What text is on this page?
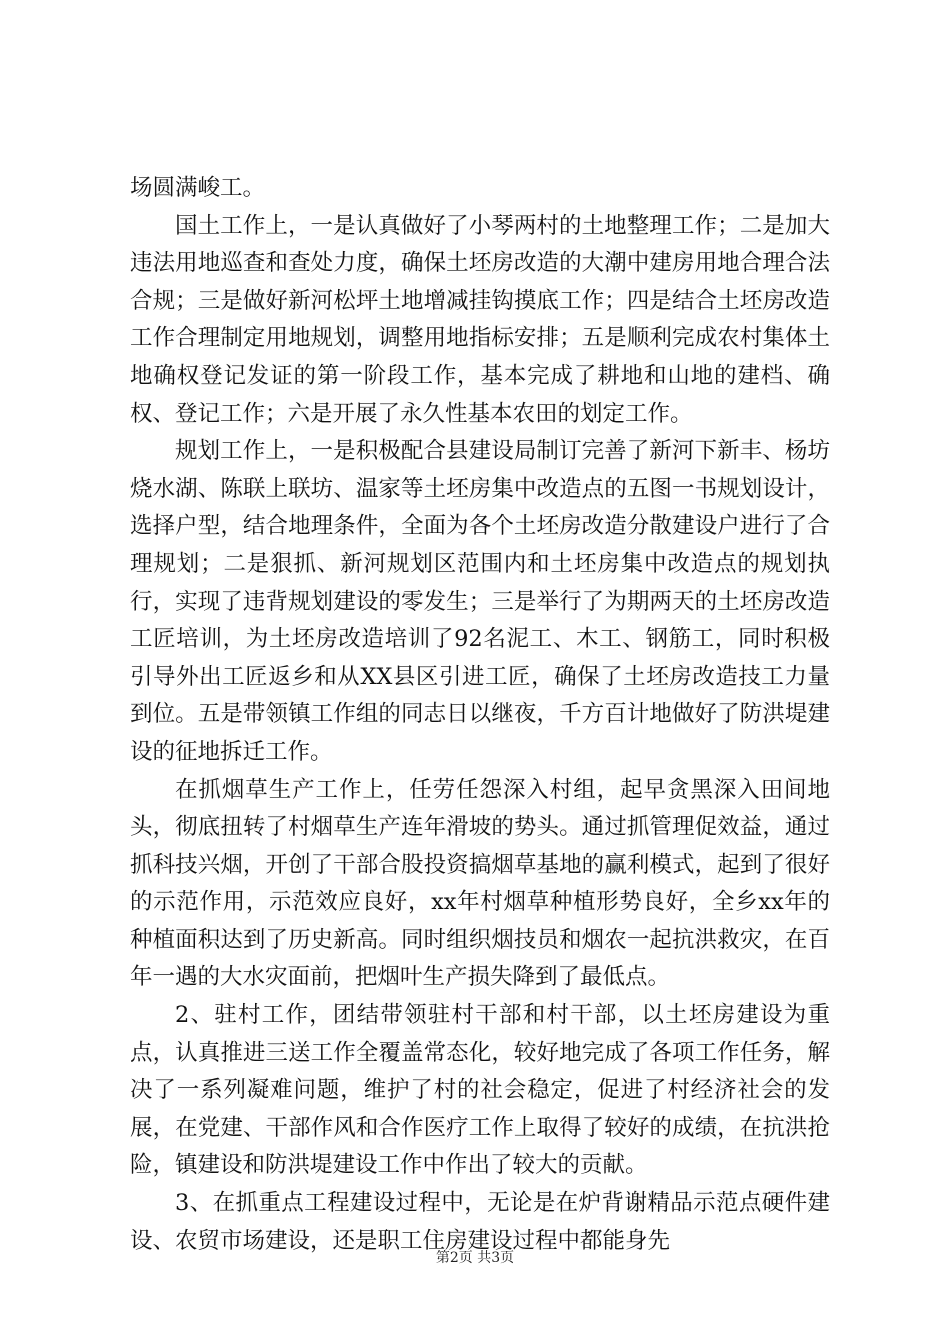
场圆满峻工。

国土工作上，一是认真做好了小琴两村的土地整理工作；二是加大违法用地巡查和查处力度，确保土坯房改造的大潮中建房用地合理合法合规；三是做好新河松坪土地增减挂钩摸底工作；四是结合土坯房改造工作合理制定用地规划，调整用地指标安排；五是顺利完成农村集体土地确权登记发证的第一阶段工作，基本完成了耕地和山地的建档、确权、登记工作；六是开展了永久性基本农田的划定工作。

规划工作上，一是积极配合县建设局制订完善了新河下新丰、杨坊烧水湖、陈联上联坊、温家等土坯房集中改造点的五图一书规划设计，选择户型，结合地理条件，全面为各个土坯房改造分散建设户进行了合理规划；二是狠抓、新河规划区范围内和土坯房集中改造点的规划执行，实现了违背规划建设的零发生；三是举行了为期两天的土坯房改造工匠培训，为土坯房改造培训了92名泥工、木工、钢筋工，同时积极引导外出工匠返乡和从XX县区引进工匠，确保了土坯房改造技工力量到位。五是带领镇工作组的同志日以继夜，千方百计地做好了防洪堤建设的征地拆迁工作。

在抓烟草生产工作上，任劳任怨深入村组，起早贪黑深入田间地头，彻底扭转了村烟草生产连年滑坡的势头。通过抓管理促效益，通过抓科技兴烟，开创了干部合股投资搞烟草基地的赢利模式，起到了很好的示范作用，示范效应良好，xx年村烟草种植形势良好，全乡xx年的种植面积达到了历史新高。同时组织烟技员和烟农一起抗洪救灾，在百年一遇的大水灾面前，把烟叶生产损失降到了最低点。

2、驻村工作，团结带领驻村干部和村干部，以土坯房建设为重点，认真推进三送工作全覆盖常态化，较好地完成了各项工作任务，解决了一系列凝难问题，维护了村的社会稳定，促进了村经济社会的发展，在党建、干部作风和合作医疗工作上取得了较好的成绩，在抗洪抢险，镇建设和防洪堤建设工作中作出了较大的贡献。

3、在抓重点工程建设过程中，无论是在炉背谢精品示范点硬件建设、农贸市场建设，还是职工住房建设过程中都能身先

第2页 共3页
